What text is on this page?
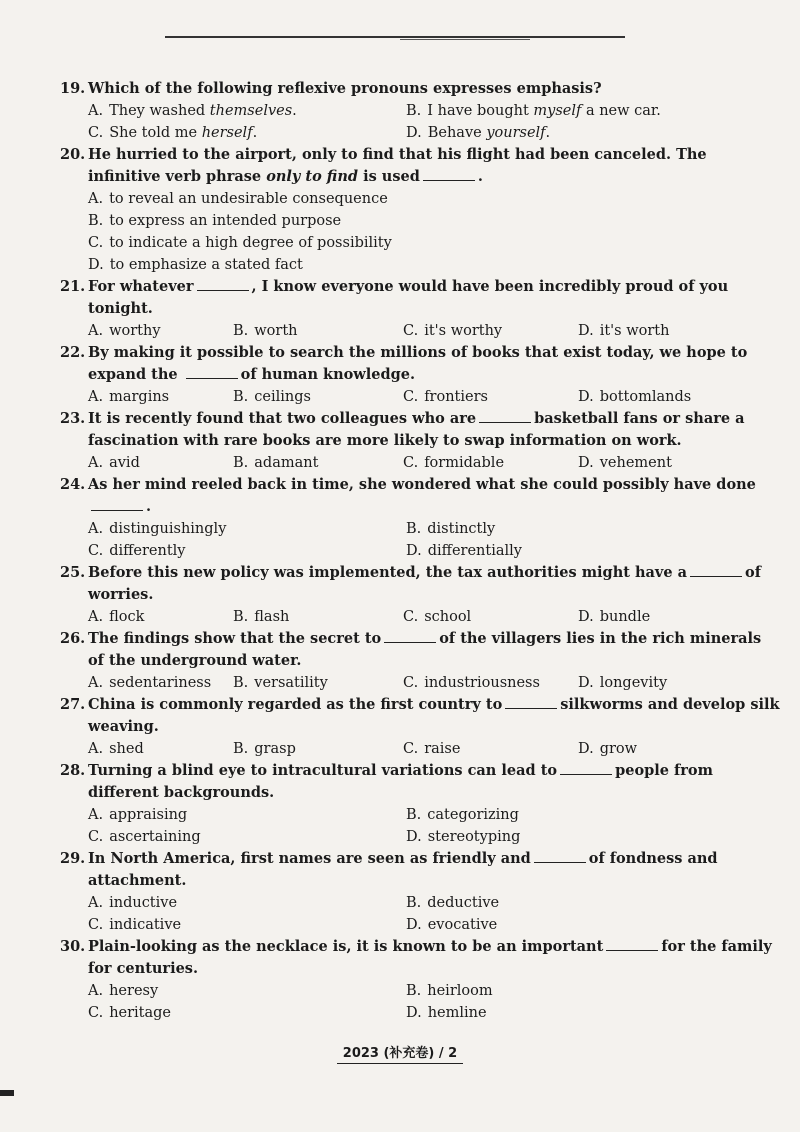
19. Which of the following reflexive pronouns expresses emphasis?
A. They washed themselves.	B. I have bought myself a new car.
C. She told me herself.	D. Behave yourself.
20. He hurried to the airport, only to find that his flight had been canceled. The infinitive verb phrase only to find is used	.
A. to reveal an undesirable consequence
B. to express an intended purpose
C. to indicate a high degree of possibility
D. to emphasize a stated fact
21. For whatever	, I know everyone would have been incredibly proud of you tonight.
A. worthy	B. worth	C. it's worthy	D. it's worth
22. By making it possible to search the millions of books that exist today, we hope to expand the	of human knowledge.
A. margins	B. ceilings	C. frontiers	D. bottomlands
23. It is recently found that two colleagues who are	basketball fans or share a fascination with rare books are more likely to swap information on work.
A. avid	B. adamant	C. formidable	D. vehement
24. As her mind reeled back in time, she wondered what she could possibly have done.
A. distinguishingly	B. distinctly
C. differently	D. differentially
25. Before this new policy was implemented, the tax authorities might have a	of worries.
A. flock	B. flash	C. school	D. bundle
26. The findings show that the secret to	of the villagers lies in the rich minerals of the underground water.
A. sedentariness	B. versatility	C. industriousness	D. longevity
27. China is commonly regarded as the first country to	silkworms and develop silk weaving.
A. shed	B. grasp	C. raise	D. grow
28. Turning a blind eye to intracultural variations can lead to	people from different backgrounds.
A. appraising	B. categorizing
C. ascertaining	D. stereotyping
29. In North America, first names are seen as friendly and	of fondness and attachment.
A. inductive	B. deductive
C. indicative	D. evocative
30. Plain-looking as the necklace is, it is known to be an important	for the family for centuries.
A. heresy	B. heirloom
C. heritage	D. hemline
2023 (补充卷) / 2
